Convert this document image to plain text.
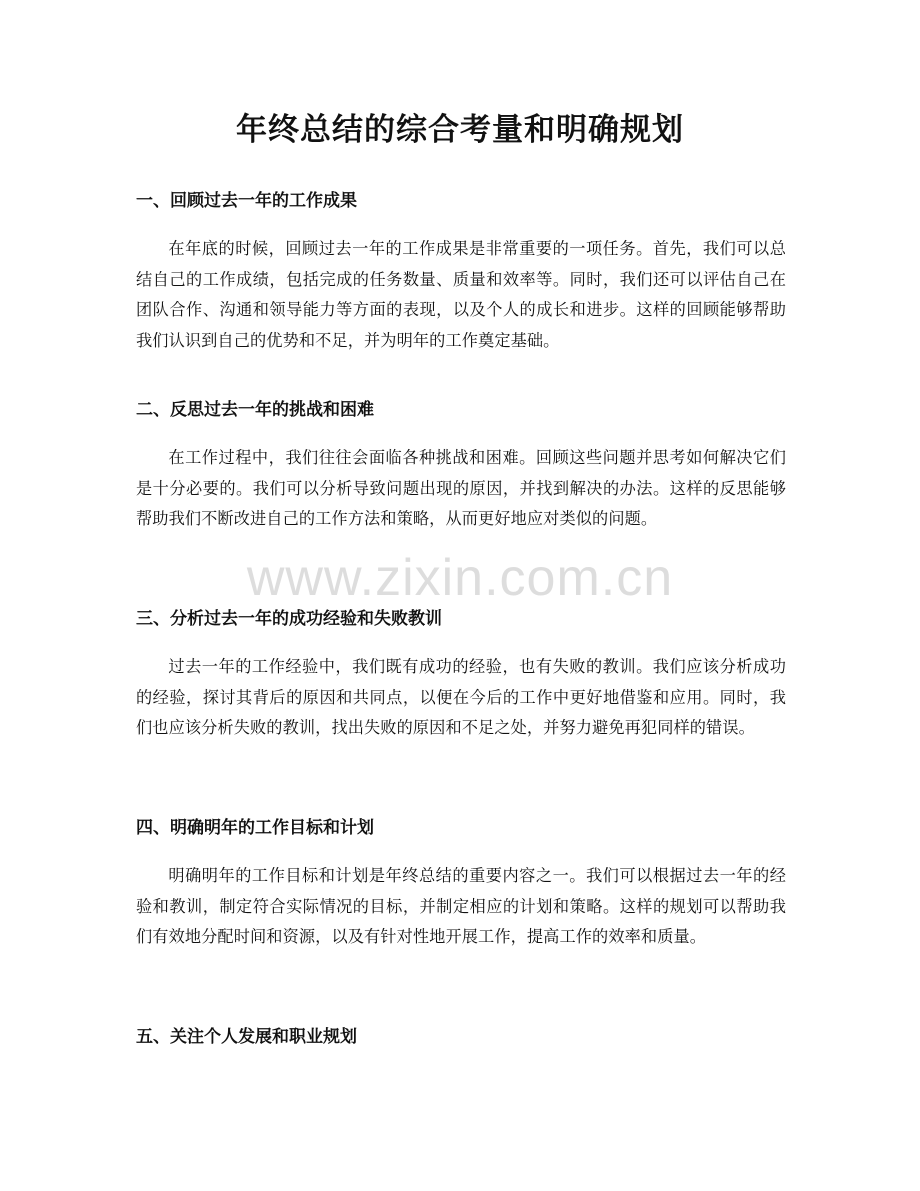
年终总结的综合考量和明确规划
一、回顾过去一年的工作成果

在年底的时候，回顾过去一年的工作成果是非常重要的一项任务。首先，我们可以总结自己的工作成绩，包括完成的任务数量、质量和效率等。同时，我们还可以评估自己在团队合作、沟通和领导能力等方面的表现，以及个人的成长和进步。这样的回顾能够帮助我们认识到自己的优势和不足，并为明年的工作奠定基础。

二、反思过去一年的挑战和困难

在工作过程中，我们往往会面临各种挑战和困难。回顾这些问题并思考如何解决它们是十分必要的。我们可以分析导致问题出现的原因，并找到解决的办法。这样的反思能够帮助我们不断改进自己的工作方法和策略，从而更好地应对类似的问题。

三、分析过去一年的成功经验和失败教训

过去一年的工作经验中，我们既有成功的经验，也有失败的教训。我们应该分析成功的经验，探讨其背后的原因和共同点，以便在今后的工作中更好地借鉴和应用。同时，我们也应该分析失败的教训，找出失败的原因和不足之处，并努力避免再犯同样的错误。

四、明确明年的工作目标和计划

明确明年的工作目标和计划是年终总结的重要内容之一。我们可以根据过去一年的经验和教训，制定符合实际情况的目标，并制定相应的计划和策略。这样的规划可以帮助我们有效地分配时间和资源，以及有针对性地开展工作，提高工作的效率和质量。

五、关注个人发展和职业规划
www.zixin.com.cn
